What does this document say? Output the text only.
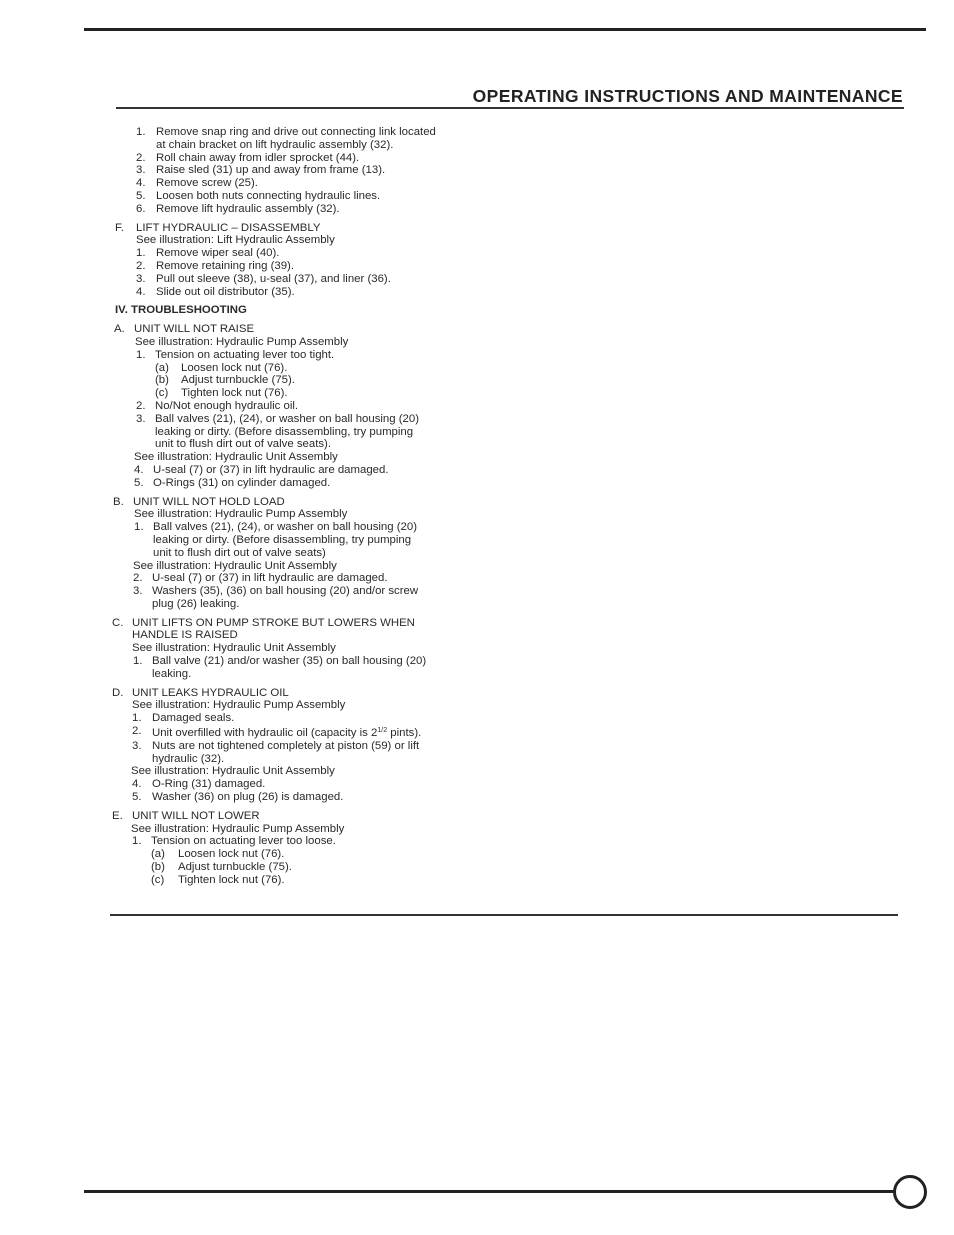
OPERATING INSTRUCTIONS AND MAINTENANCE
1. Remove snap ring and drive out connecting link located
at chain bracket on lift hydraulic assembly (32).
2. Roll chain away from idler sprocket (44).
3. Raise sled (31) up and away from frame (13).
4. Remove screw (25).
5. Loosen both nuts connecting hydraulic lines.
6. Remove lift hydraulic assembly (32).
F. LIFT HYDRAULIC – DISASSEMBLY
See illustration: Lift Hydraulic Assembly
1. Remove wiper seal (40).
2. Remove retaining ring (39).
3. Pull out sleeve (38), u-seal (37), and liner (36).
4. Slide out oil distributor (35).
IV. TROUBLESHOOTING
A. UNIT WILL NOT RAISE
See illustration: Hydraulic Pump Assembly
1. Tension on actuating lever too tight.
(a) Loosen lock nut (76).
(b) Adjust turnbuckle (75).
(c) Tighten lock nut (76).
2. No/Not enough hydraulic oil.
3. Ball valves (21), (24), or washer on ball housing (20)
leaking or dirty. (Before disassembling, try pumping
unit to flush dirt out of valve seats).
See illustration: Hydraulic Unit Assembly
4. U-seal (7) or (37) in lift hydraulic are damaged.
5. O-Rings (31) on cylinder damaged.
B. UNIT WILL NOT HOLD LOAD
See illustration: Hydraulic Pump Assembly
1. Ball valves (21), (24), or washer on ball housing (20)
leaking or dirty. (Before disassembling, try pumping
unit to flush dirt out of valve seats)
See illustration: Hydraulic Unit Assembly
2. U-seal (7) or (37) in lift hydraulic are damaged.
3. Washers (35), (36) on ball housing (20) and/or screw
plug (26) leaking.
C. UNIT LIFTS ON PUMP STROKE BUT LOWERS WHEN
HANDLE IS RAISED
See illustration: Hydraulic Unit Assembly
1. Ball valve (21) and/or washer (35) on ball housing (20)
leaking.
D. UNIT LEAKS HYDRAULIC OIL
See illustration: Hydraulic Pump Assembly
1. Damaged seals.
2. Unit overfilled with hydraulic oil (capacity is $2^{1/2}$ pints).
3. Nuts are not tightened completely at piston (59) or lift
hydraulic (32).
See illustration: Hydraulic Unit Assembly
4. O-Ring (31) damaged.
5. Washer (36) on plug (26) is damaged.
E. UNIT WILL NOT LOWER
See illustration: Hydraulic Pump Assembly
1. Tension on actuating lever too loose.
(a) Loosen lock nut (76).
(b) Adjust turnbuckle (75).
(c) Tighten lock nut (76).
